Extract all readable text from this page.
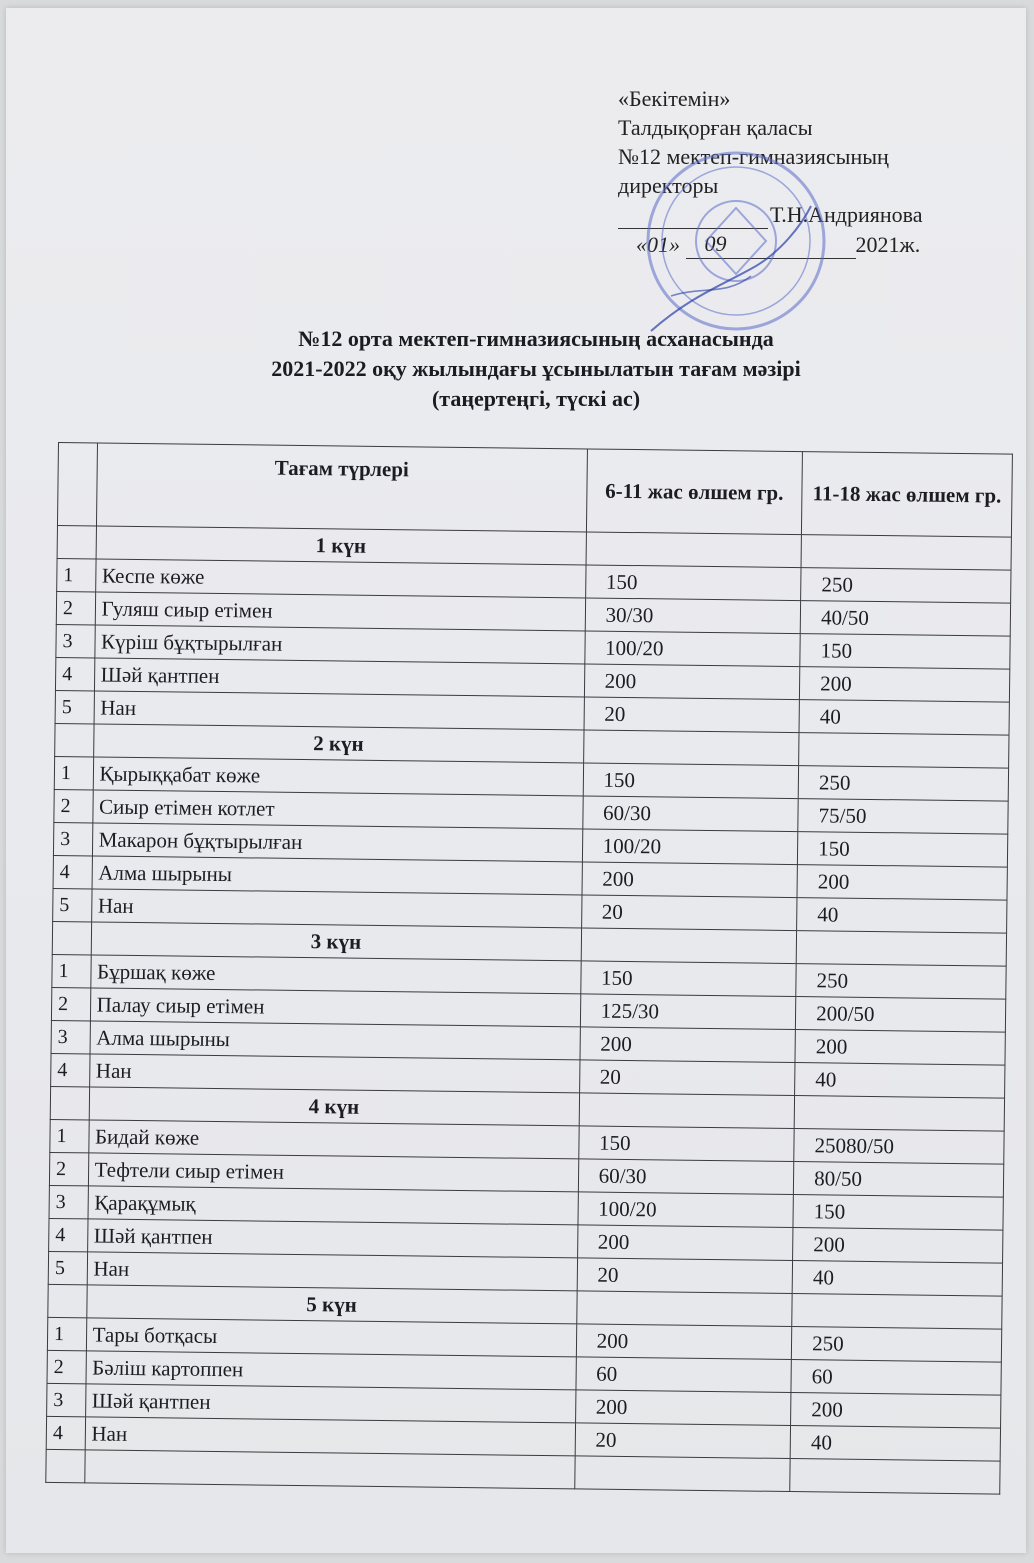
«Бекітемін»
Талдықорған қаласы
№12 мектеп-гимназиясының
директоры
Т.Н.Андриянова
«01» 09	2021ж.
№12 орта мектеп-гимназиясының асханасында
2021-2022 оқу жылындағы ұсынылатын тағам мәзірі
(таңертеңгі, түскі ас)
	Тағам түрлері	6-11 жас өлшем гр.	11-18 жас өлшем гр.
	1 күн		
1	Кеспе көже	150	250
2	Гуляш сиыр етімен	30/30	40/50
3	Күріш бұқтырылған	100/20	150
4	Шәй қантпен	200	200
5	Нан	20	40
	2 күн		
1	Қырыққабат көже	150	250
2	Сиыр етімен котлет	60/30	75/50
3	Макарон бұқтырылған	100/20	150
4	Алма шырыны	200	200
5	Нан	20	40
	3 күн		
1	Бұршақ көже	150	250
2	Палау сиыр етімен	125/30	200/50
3	Алма шырыны	200	200
4	Нан	20	40
	4 күн		
1	Бидай көже	150	25080/50
2	Тефтели сиыр етімен	60/30	80/50
3	Қарақұмық	100/20	150
4	Шәй қантпен	200	200
5	Нан	20	40
	5 күн		
1	Тары ботқасы	200	250
2	Бәліш картоппен	60	60
3	Шәй қантпен	200	200
4	Нан	20	40
